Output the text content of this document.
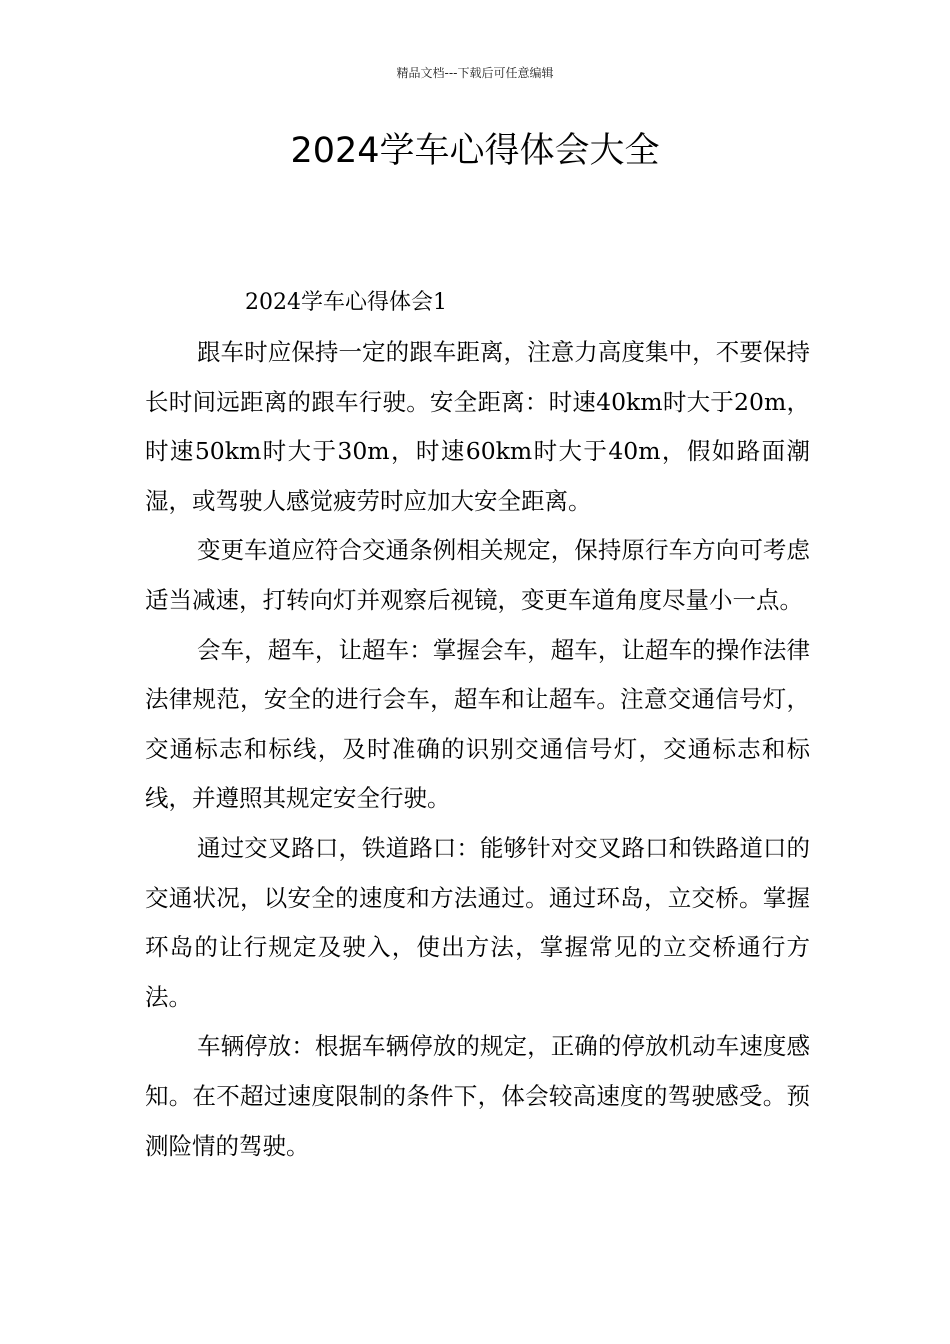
精品文档---下载后可任意编辑
2024学车心得体会大全
2024学车心得体会1

跟车时应保持一定的跟车距离，注意力高度集中，不要保持长时间远距离的跟车行驶。安全距离：时速40km时大于20m，时速50km时大于30m，时速60km时大于40m，假如路面潮湿，或驾驶人感觉疲劳时应加大安全距离。

变更车道应符合交通条例相关规定，保持原行车方向可考虑适当减速，打转向灯并观察后视镜，变更车道角度尽量小一点。

会车，超车，让超车：掌握会车，超车，让超车的操作法律法律规范，安全的进行会车，超车和让超车。注意交通信号灯，交通标志和标线，及时准确的识别交通信号灯，交通标志和标线，并遵照其规定安全行驶。

通过交叉路口，铁道路口：能够针对交叉路口和铁路道口的交通状况，以安全的速度和方法通过。通过环岛，立交桥。掌握环岛的让行规定及驶入，使出方法，掌握常见的立交桥通行方法。

车辆停放：根据车辆停放的规定，正确的停放机动车速度感知。在不超过速度限制的条件下，体会较高速度的驾驶感受。预测险情的驾驶。
